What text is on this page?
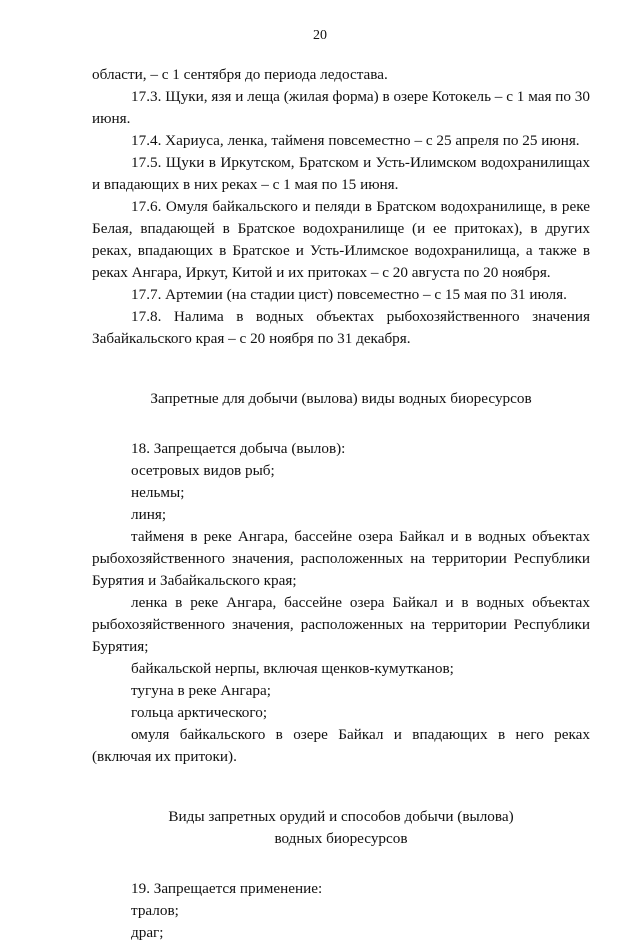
20

области, – с 1 сентября до периода ледостава.

17.3. Щуки, язя и леща (жилая форма) в озере Котокель – с 1 мая по 30 июня.

17.4. Хариуса, ленка, тайменя повсеместно – с 25 апреля по 25 июня.

17.5. Щуки в Иркутском, Братском и Усть-Илимском водохранилищах и впадающих в них реках – с 1 мая по 15 июня.

17.6. Омуля байкальского и пеляди в Братском водохранилище, в реке Белая, впадающей в Братское водохранилище (и ее притоках), в других реках, впадающих в Братское и Усть-Илимское водохранилища, а также в реках Ангара, Иркут, Китой и их притоках – с 20 августа по 20 ноября.

17.7. Артемии (на стадии цист) повсеместно – с 15 мая по 31 июля.

17.8. Налима в водных объектах рыбохозяйственного значения Забайкальского края – с 20 ноября по 31 декабря.

Запретные для добычи (вылова) виды водных биоресурсов

18. Запрещается добыча (вылов):

осетровых видов рыб;

нельмы;

линя;

тайменя в реке Ангара, бассейне озера Байкал и в водных объектах рыбохозяйственного значения, расположенных на территории Республики Бурятия и Забайкальского края;

ленка в реке Ангара, бассейне озера Байкал и в водных объектах рыбохозяйственного значения, расположенных на территории Республики Бурятия;

байкальской нерпы, включая щенков-кумутканов;

тугуна в реке Ангара;

гольца арктического;

омуля байкальского в озере Байкал и впадающих в него реках (включая их притоки).

Виды запретных орудий и способов добычи (вылова)

водных биоресурсов

19. Запрещается применение:

тралов;

драг;
